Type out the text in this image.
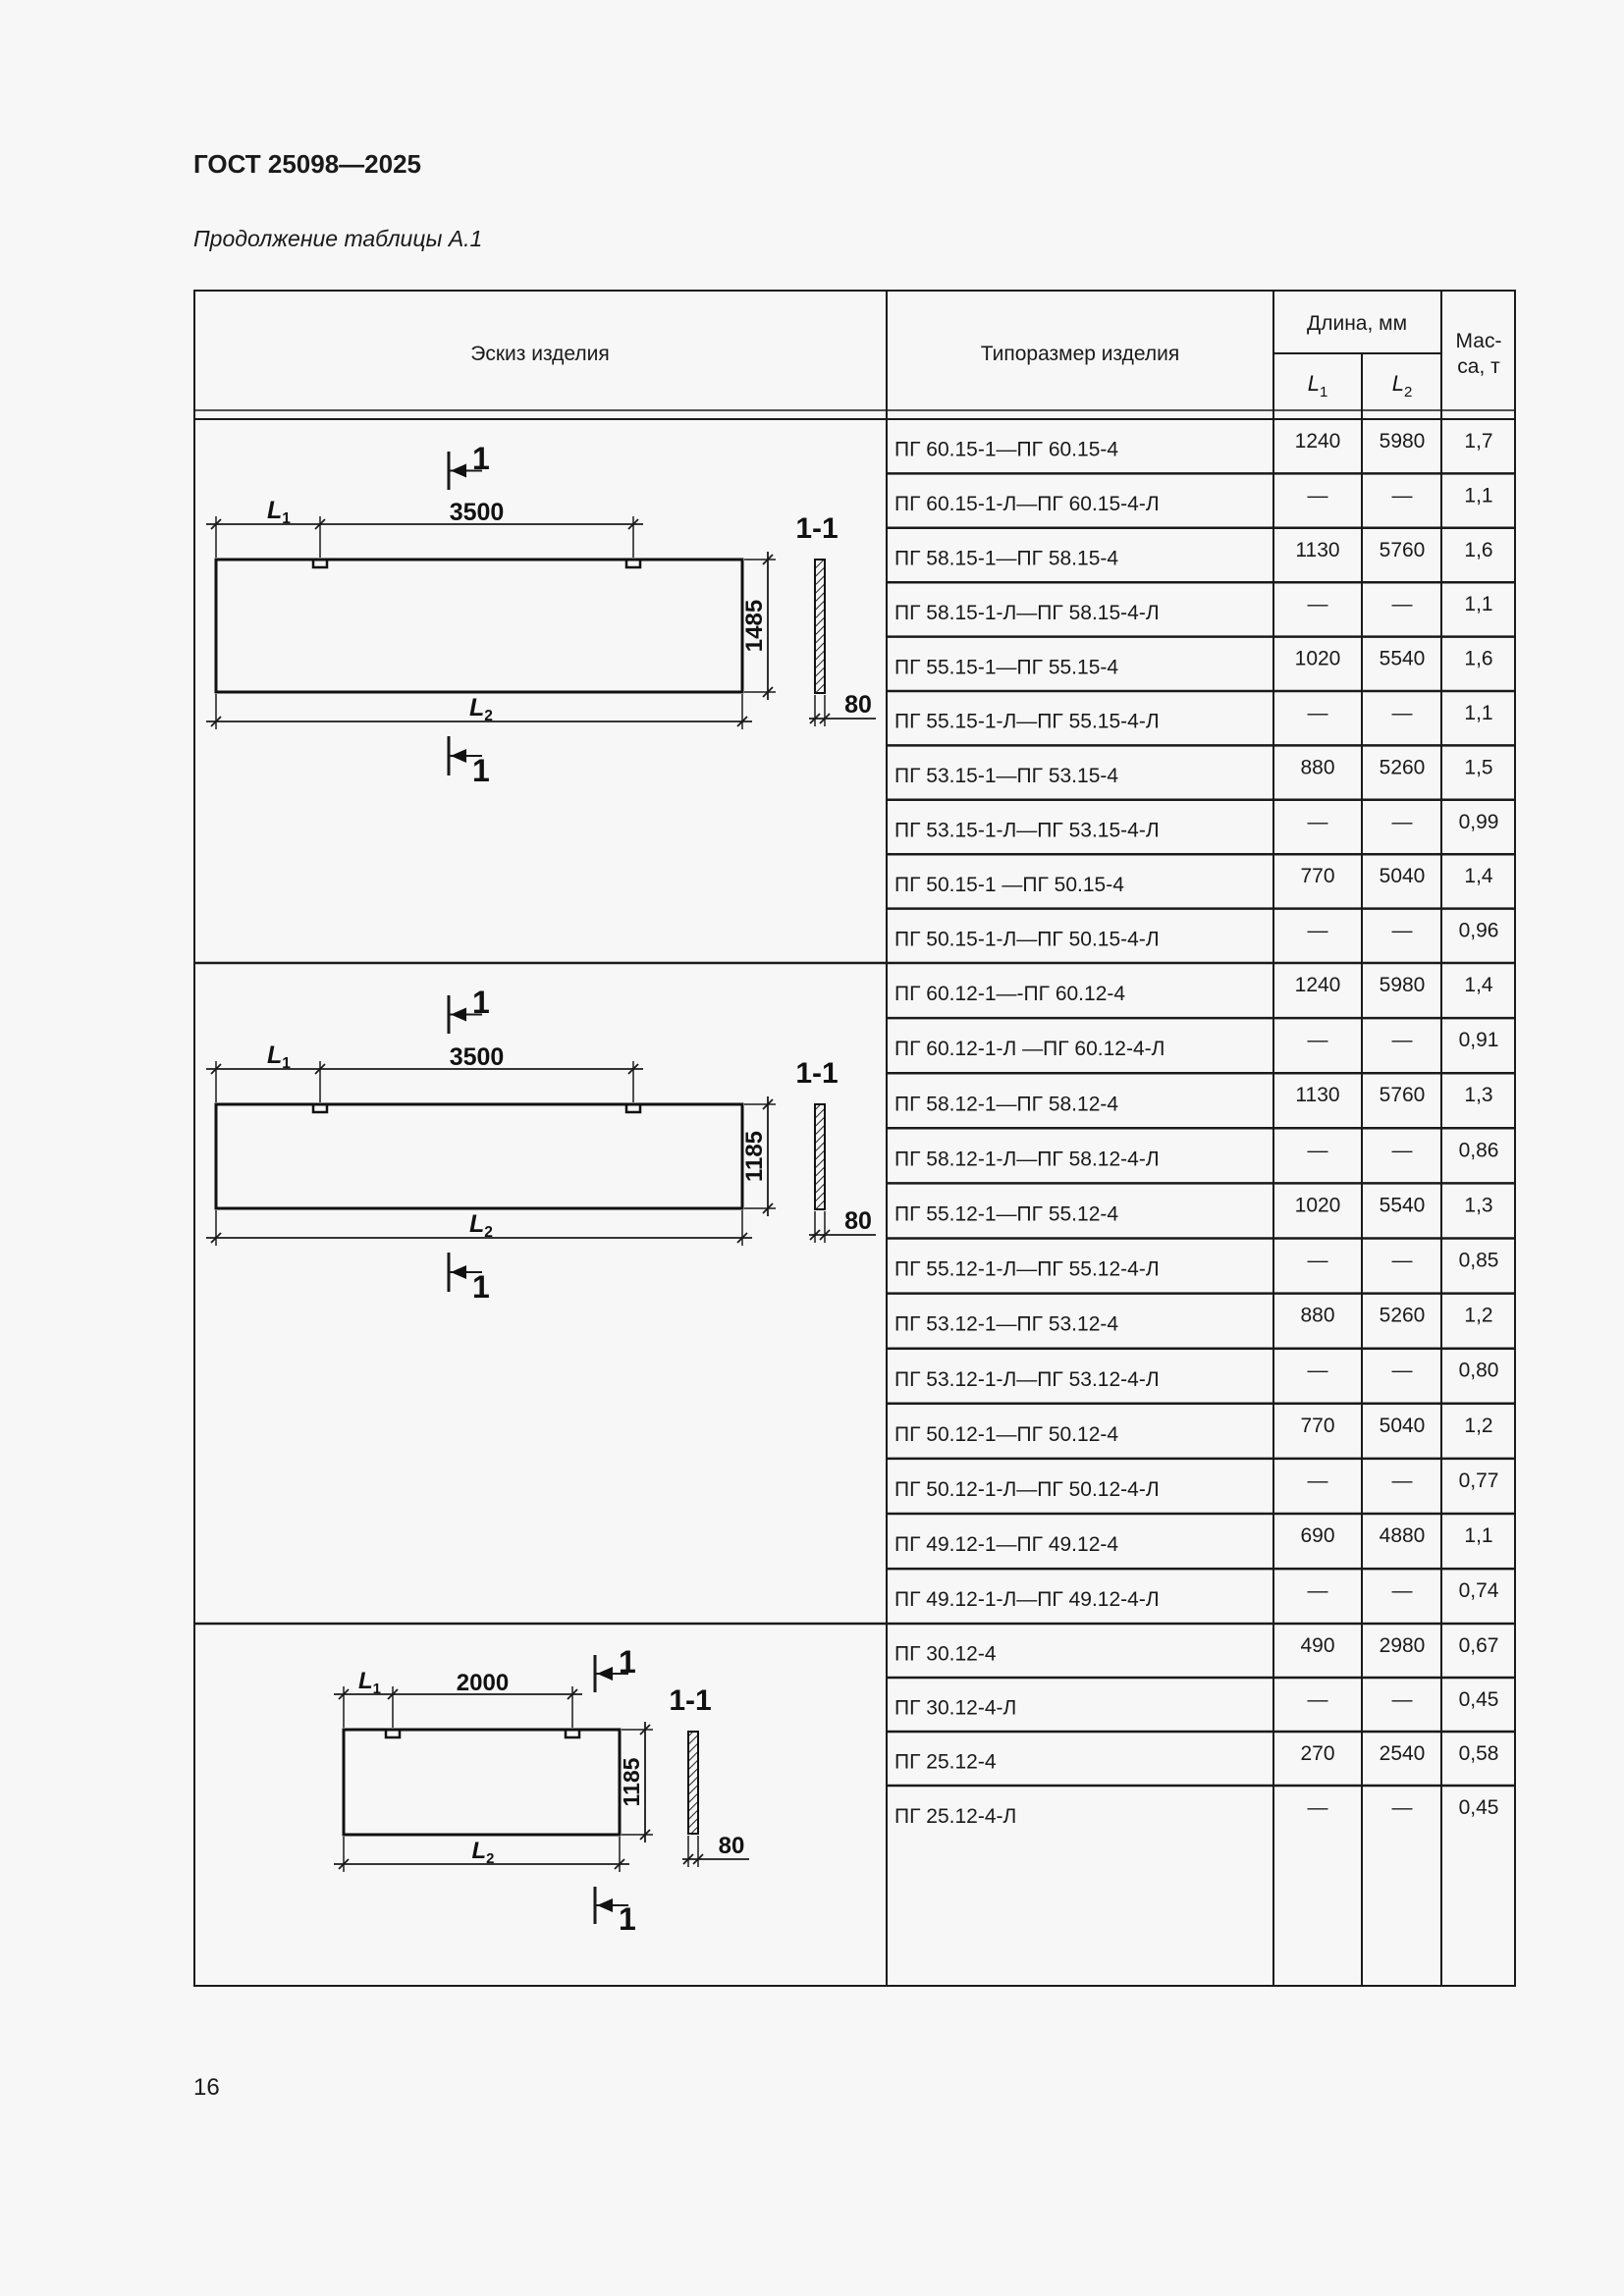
ГОСТ 25098—2025
Продолжение таблицы А.1
Эскиз изделия	Типоразмер изделия
Длина, мм
Мас-
са, т
$L_1$	$L_2$
ПГ 60.15-1—ПГ 60.15-4	1240 5980 1,7
ПГ 60.15-1-Л—ПГ 60.15-4-Л	—	—	1,1
ПГ 58.15-1—ПГ 58.15-4	1130 5760 1,6
ПГ 58.15-1-Л—ПГ 58.15-4-Л	—	—	1,1
ПГ 55.15-1—ПГ 55.15-4	1020 5540 1,6
ПГ 55.15-1-Л—ПГ 55.15-4-Л	—	—	1,1
ПГ 53.15-1—ПГ 53.15-4	880 5260 1,5
ПГ 53.15-1-Л—ПГ 53.15-4-Л	—	— 0,99
ПГ 50.15-1 —ПГ 50.15-4	770 5040 1,4
ПГ 50.15-1-Л—ПГ 50.15-4-Л	—	— 0,96
ПГ 60.12-1—-ПГ 60.12-4	1240 5980 1,4
ПГ 60.12-1-Л —ПГ 60.12-4-Л	—	— 0,91
ПГ 58.12-1—ПГ 58.12-4	1130 5760 1,3
ПГ 58.12-1-Л—ПГ 58.12-4-Л	—	— 0,86
ПГ 55.12-1—ПГ 55.12-4	1020 5540 1,3
ПГ 55.12-1-Л—ПГ 55.12-4-Л	—	— 0,85
ПГ 53.12-1—ПГ 53.12-4	880 5260 1,2
ПГ 53.12-1-Л—ПГ 53.12-4-Л	—	— 0,80
ПГ 50.12-1—ПГ 50.12-4	770 5040 1,2
ПГ 50.12-1-Л—ПГ 50.12-4-Л	—	— 0,77
ПГ 49.12-1—ПГ 49.12-4	690 4880 1,1
ПГ 49.12-1-Л—ПГ 49.12-4-Л	—	— 0,74
ПГ 30.12-4	490 2980 0,67
ПГ 30.12-4-Л	—	— 0,45
ПГ 25.12-4	270 2540 0,58
ПГ 25.12-4-Л	—	— 0,45
$L_1$	3500
$L_2$
1485
1-1
80
1
1
$L_1$	3500
$L_2$
1185
1-1
80
1
1
$L_1$	2000
$L_2$
1185
1-1
80
1
1
16
